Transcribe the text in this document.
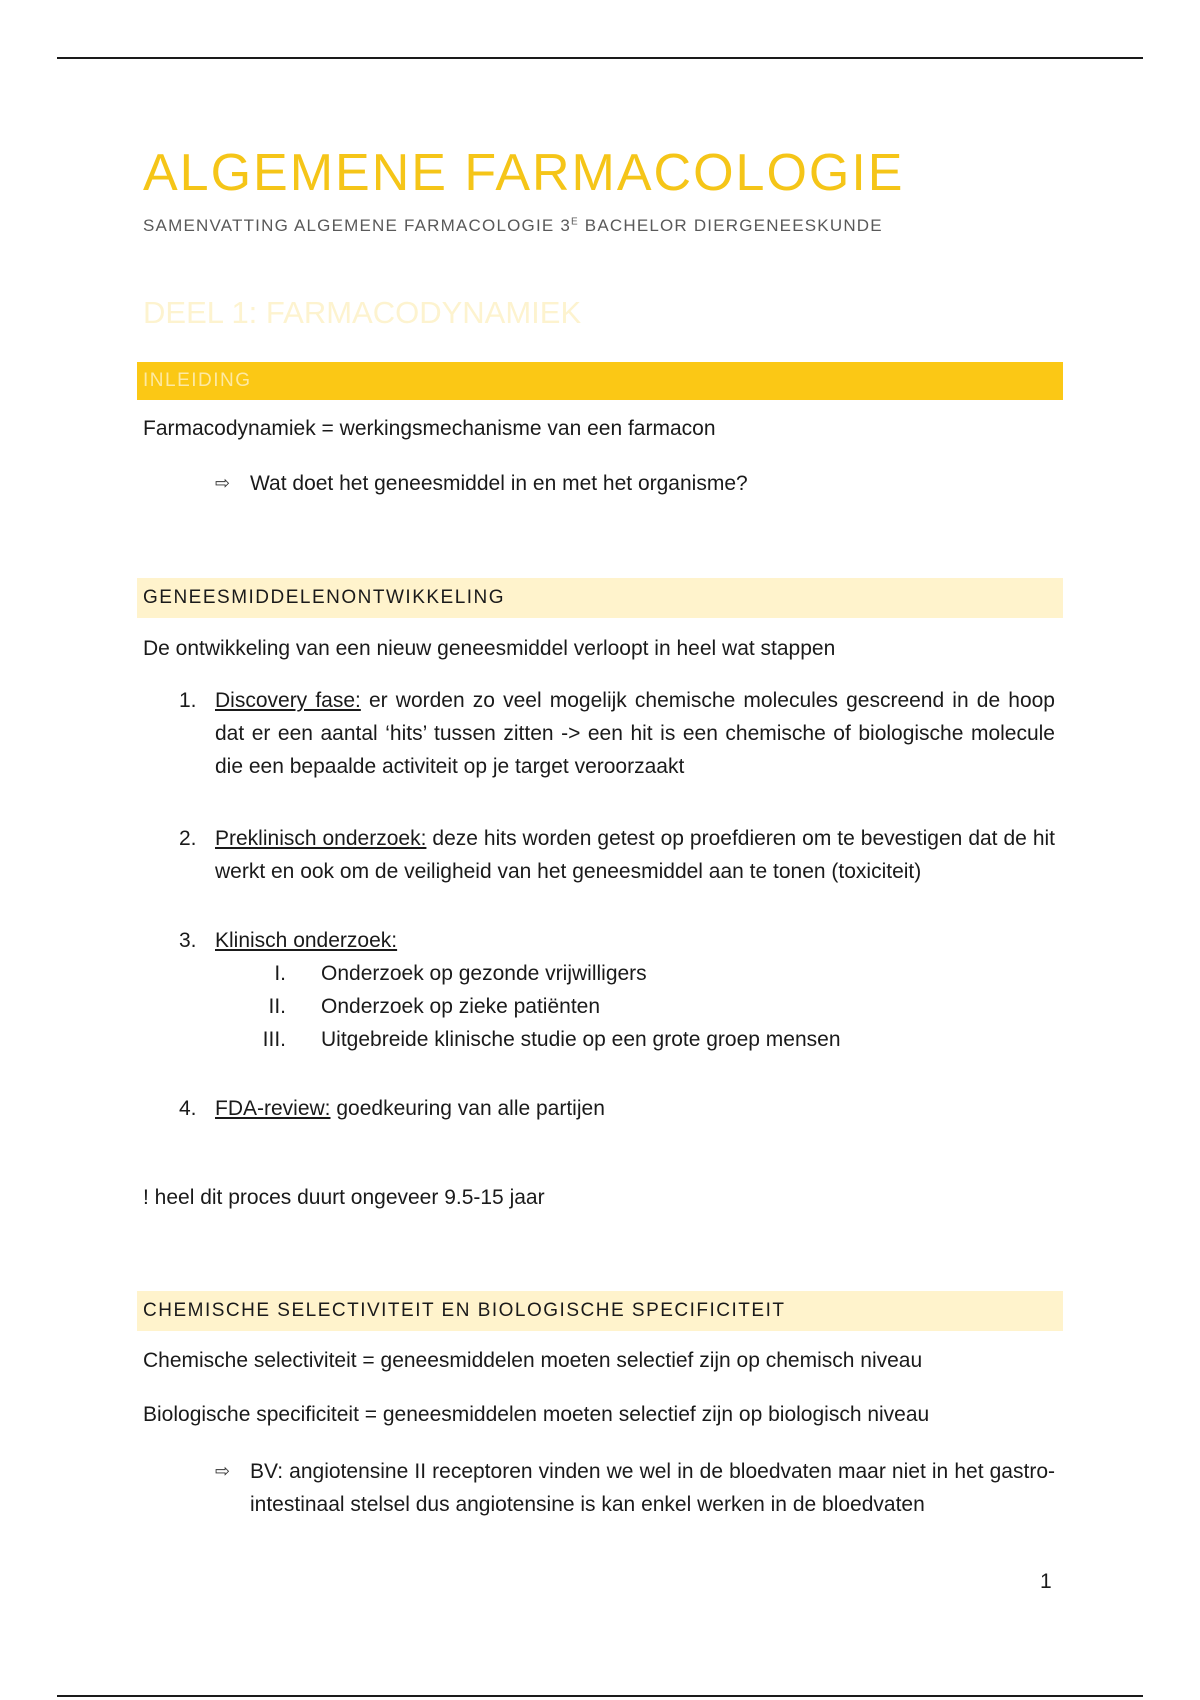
ALGEMENE FARMACOLOGIE
SAMENVATTING ALGEMENE FARMACOLOGIE $3^E$ BACHELOR DIERGENEESKUNDE
DEEL 1: FARMACODYNAMIEK
INLEIDING
Farmacodynamiek = werkingsmechanisme van een farmacon
⇨ Wat doet het geneesmiddel in en met het organisme?
GENEESMIDDELENONTWIKKELING
De ontwikkeling van een nieuw geneesmiddel verloopt in heel wat stappen
1. Discovery fase: er worden zo veel mogelijk chemische molecules gescreend in de hoop dat er een aantal ‘hits’ tussen zitten -> een hit is een chemische of biologische molecule die een bepaalde activiteit op je target veroorzaakt
2. Preklinisch onderzoek: deze hits worden getest op proefdieren om te bevestigen dat de hit werkt en ook om de veiligheid van het geneesmiddel aan te tonen (toxiciteit)
3. Klinisch onderzoek:
I. Onderzoek op gezonde vrijwilligers
II. Onderzoek op zieke patiënten
III. Uitgebreide klinische studie op een grote groep mensen
4. FDA-review: goedkeuring van alle partijen
! heel dit proces duurt ongeveer 9.5-15 jaar
CHEMISCHE SELECTIVITEIT EN BIOLOGISCHE SPECIFICITEIT
Chemische selectiviteit = geneesmiddelen moeten selectief zijn op chemisch niveau
Biologische specificiteit = geneesmiddelen moeten selectief zijn op biologisch niveau
⇨ BV: angiotensine II receptoren vinden we wel in de bloedvaten maar niet in het gastro-intestinaal stelsel dus angiotensine is kan enkel werken in de bloedvaten
1
